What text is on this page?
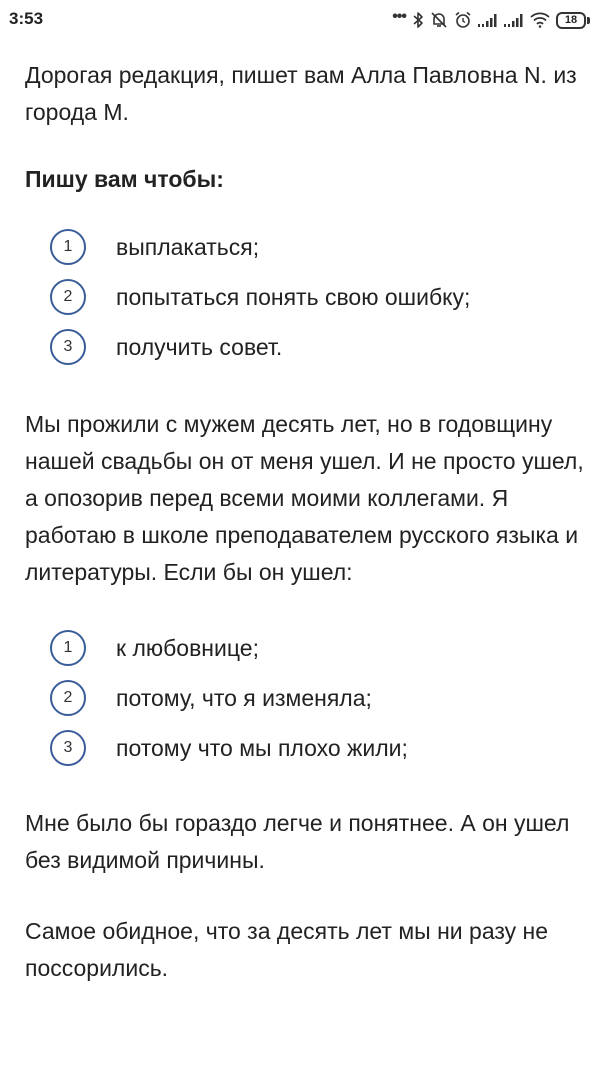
3:53	•••	18

Дорогая редакция, пишет вам Алла Павловна N. из города М.

Пишу вам чтобы:

1	выплакаться;
2	попытаться понять свою ошибку;
3	получить совет.

Мы прожили с мужем десять лет, но в годовщину нашей свадьбы он от меня ушел. И не просто ушел, а опозорив перед всеми моими коллегами. Я работаю в школе преподавателем русского языка и литературы. Если бы он ушел:

1	к любовнице;
2	потому, что я изменяла;
3	потому что мы плохо жили;

Мне было бы гораздо легче и понятнее. А он ушел без видимой причины.

Самое обидное, что за десять лет мы ни разу не поссорились.
